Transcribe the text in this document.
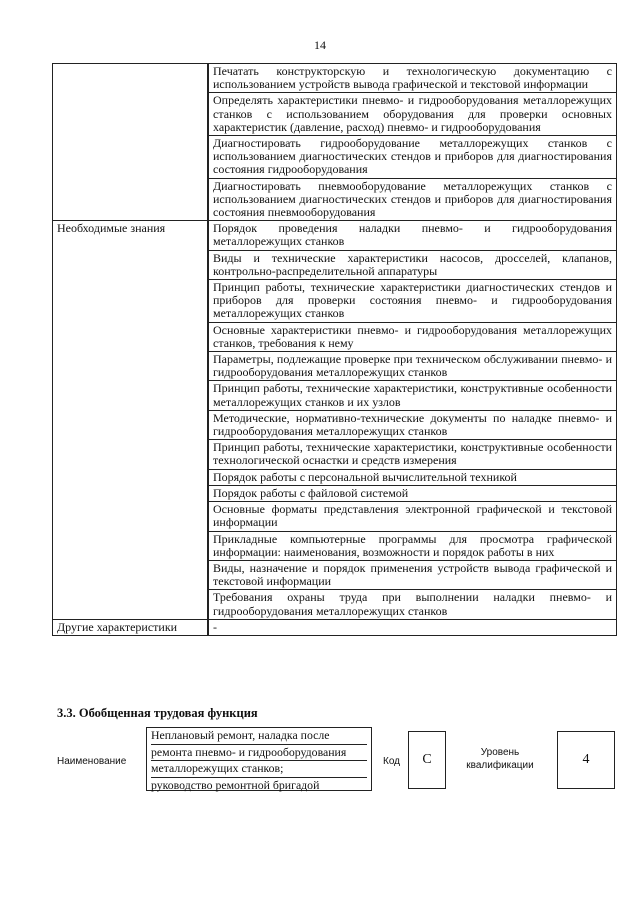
14
	Печатать конструкторскую и технологическую документацию с использованием устройств вывода графической и текстовой информации
	Определять характеристики пневмо- и гидрооборудования металлорежущих станков с использованием оборудования для проверки основных характеристик (давление, расход) пневмо- и гидрооборудования
	Диагностировать гидрооборудование металлорежущих станков с использованием диагностических стендов и приборов для диагностирования состояния гидрооборудования
	Диагностировать пневмооборудование металлорежущих станков с использованием диагностических стендов и приборов для диагностирования состояния пневмооборудования
Необходимые знания	Порядок проведения наладки пневмо- и гидрооборудования металлорежущих станков
	Виды и технические характеристики насосов, дросселей, клапанов, контрольно-распределительной аппаратуры
	Принцип работы, технические характеристики диагностических стендов и приборов для проверки состояния пневмо- и гидрооборудования металлорежущих станков
	Основные характеристики пневмо- и гидрооборудования металлорежущих станков, требования к нему
	Параметры, подлежащие проверке при техническом обслуживании пневмо- и гидрооборудования металлорежущих станков
	Принцип работы, технические характеристики, конструктивные особенности металлорежущих станков и их узлов
	Методические, нормативно-технические документы по наладке пневмо- и гидрооборудования металлорежущих станков
	Принцип работы, технические характеристики, конструктивные особенности технологической оснастки и средств измерения
	Порядок работы с персональной вычислительной техникой
	Порядок работы с файловой системой
	Основные форматы представления электронной графической и текстовой информации
	Прикладные компьютерные программы для просмотра графической информации: наименования, возможности и порядок работы в них
	Виды, назначение и порядок применения устройств вывода графической и текстовой информации
	Требования охраны труда при выполнении наладки пневмо- и гидрооборудования металлорежущих станков
Другие характеристики	-
3.3. Обобщенная трудовая функция
Наименование
Неплановый ремонт, наладка после
ремонта пневмо- и гидрооборудования
металлорежущих станков;
руководство ремонтной бригадой
Код C	Уровень
квалификации	4
